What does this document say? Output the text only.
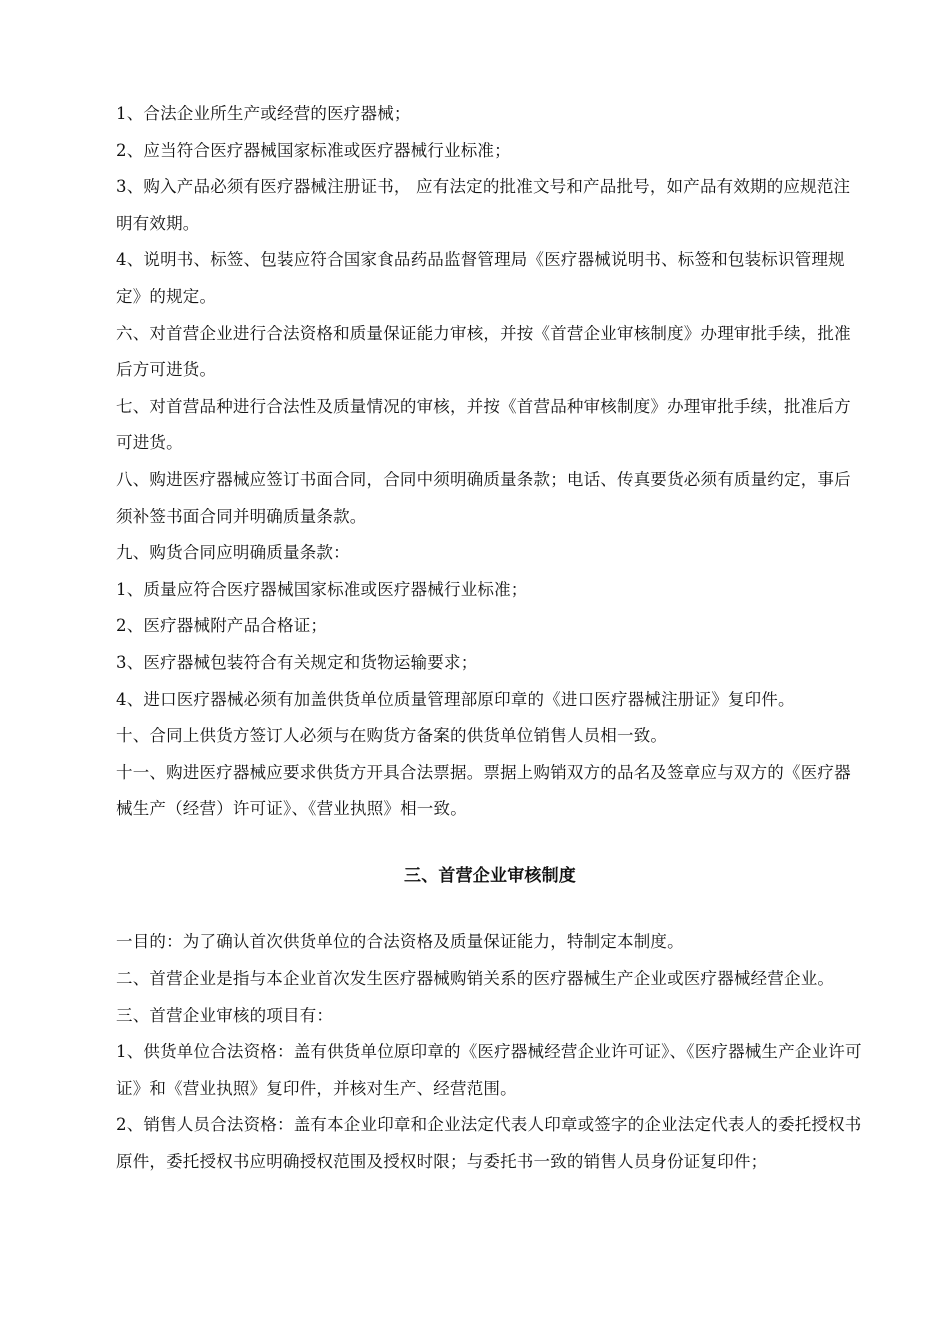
1、合法企业所生产或经营的医疗器械；

2、应当符合医疗器械国家标准或医疗器械行业标准；

3、购入产品必须有医疗器械注册证书， 应有法定的批准文号和产品批号，如产品有效期的应规范注明有效期。

4、说明书、标签、包装应符合国家食品药品监督管理局《医疗器械说明书、标签和包装标识管理规定》的规定。

六、对首营企业进行合法资格和质量保证能力审核，并按《首营企业审核制度》办理审批手续，批准后方可进货。

七、对首营品种进行合法性及质量情况的审核，并按《首营品种审核制度》办理审批手续，批准后方可进货。

八、购进医疗器械应签订书面合同，合同中须明确质量条款；电话、传真要货必须有质量约定，事后须补签书面合同并明确质量条款。

九、购货合同应明确质量条款：

1、质量应符合医疗器械国家标准或医疗器械行业标准；

2、医疗器械附产品合格证；

3、医疗器械包装符合有关规定和货物运输要求；

4、进口医疗器械必须有加盖供货单位质量管理部原印章的《进口医疗器械注册证》复印件。

十、合同上供货方签订人必须与在购货方备案的供货单位销售人员相一致。

十一、购进医疗器械应要求供货方开具合法票据。票据上购销双方的品名及签章应与双方的《医疗器械生产（经营）许可证》、《营业执照》相一致。

三、首营企业审核制度

一目的：为了确认首次供货单位的合法资格及质量保证能力，特制定本制度。

二、首营企业是指与本企业首次发生医疗器械购销关系的医疗器械生产企业或医疗器械经营企业。

三、首营企业审核的项目有：

1、供货单位合法资格：盖有供货单位原印章的《医疗器械经营企业许可证》、《医疗器械生产企业许可证》和《营业执照》复印件，并核对生产、经营范围。

2、销售人员合法资格：盖有本企业印章和企业法定代表人印章或签字的企业法定代表人的委托授权书原件，委托授权书应明确授权范围及授权时限；与委托书一致的销售人员身份证复印件；
